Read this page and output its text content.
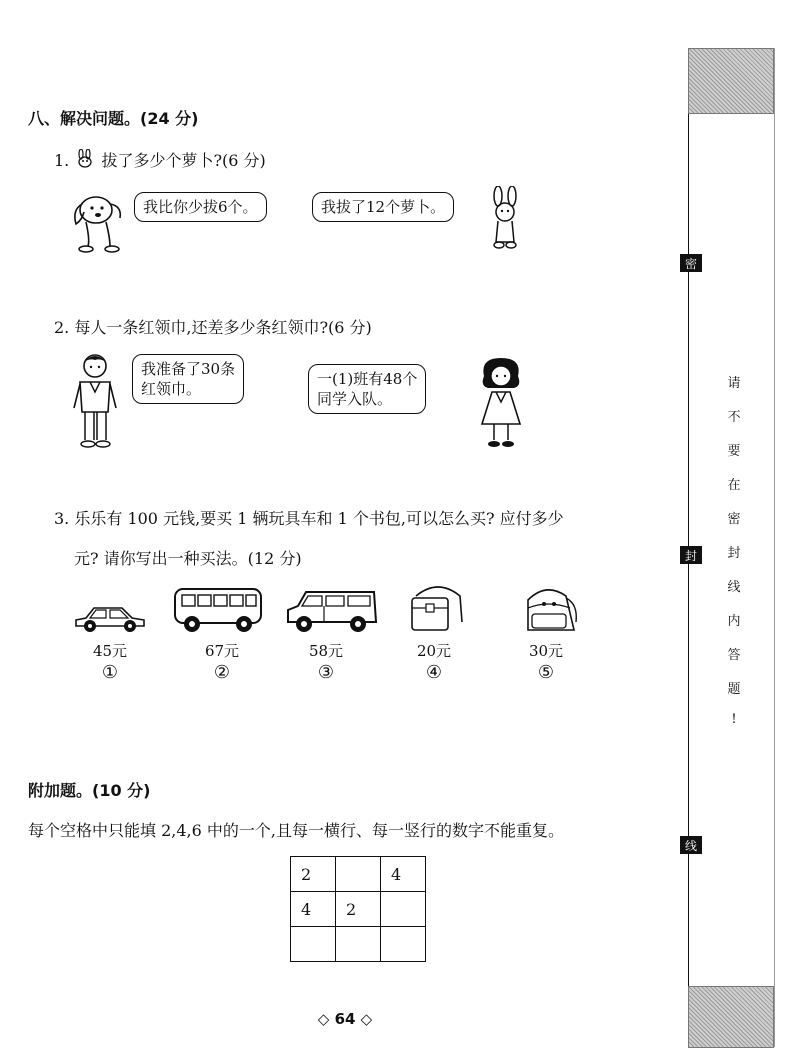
八、解决问题。(24 分)
1. 拔了多少个萝卜?(6 分)
我比你少拔6个。	我拔了12个萝卜。
2. 每人一条红领巾,还差多少条红领巾?(6 分)
我准备了30条
红领巾。
一(1)班有48个
同学入队。
3. 乐乐有 100 元钱,要买 1 辆玩具车和 1 个书包,可以怎么买? 应付多少
元? 请你写出一种买法。(12 分)
45元
①
67元
②
58元
③
20元
④
30元
⑤
附加题。(10 分)
每个空格中只能填 2,4,6 中的一个,且每一横行、每一竖行的数字不能重复。
2		4
4	2	

◇ 64 ◇
密
封
线
请
不
要
在
密
封
线
内
答
题
!
